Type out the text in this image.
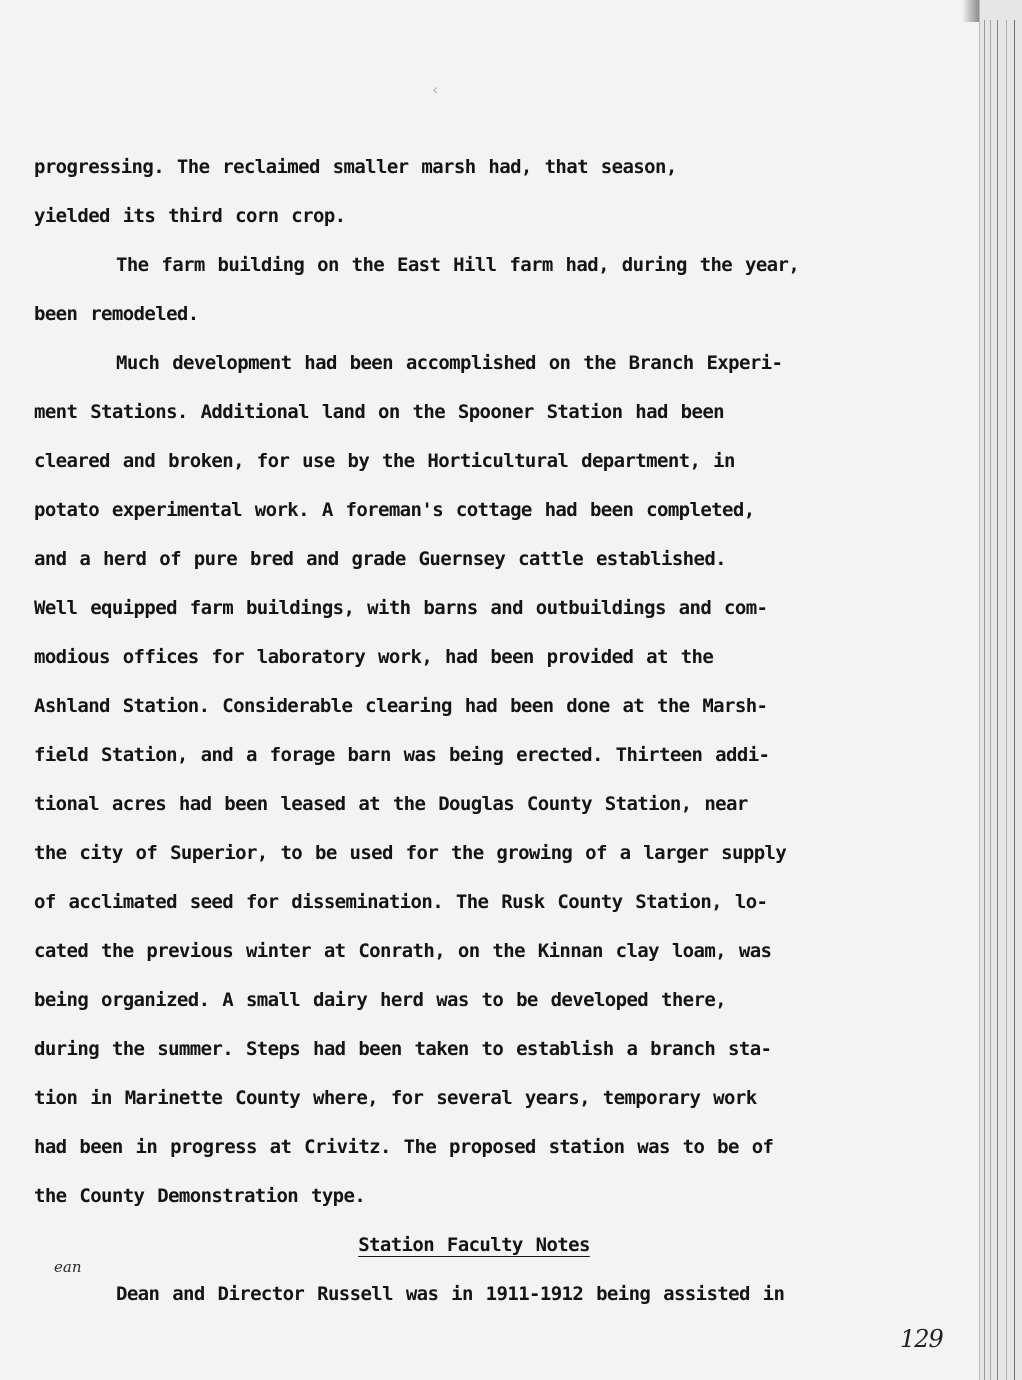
‹

progressing. The reclaimed smaller marsh had, that season,

yielded its third corn crop.

The farm building on the East Hill farm had, during the year,

been remodeled.

Much development had been accomplished on the Branch Experi-

ment Stations. Additional land on the Spooner Station had been

cleared and broken, for use by the Horticultural department, in

potato experimental work. A foreman's cottage had been completed,

and a herd of pure bred and grade Guernsey cattle established.

Well equipped farm buildings, with barns and outbuildings and com-

modious offices for laboratory work, had been provided at the

Ashland Station. Considerable clearing had been done at the Marsh-

field Station, and a forage barn was being erected. Thirteen addi-

tional acres had been leased at the Douglas County Station, near

the city of Superior, to be used for the growing of a larger supply

of acclimated seed for dissemination. The Rusk County Station, lo-

cated the previous winter at Conrath, on the Kinnan clay loam, was

being organized. A small dairy herd was to be developed there,

during the summer. Steps had been taken to establish a branch sta-

tion in Marinette County where, for several years, temporary work

had been in progress at Crivitz. The proposed station was to be of

the County Demonstration type.

Station Faculty Notes

Dean and Director Russell was in 1911-1912 being assisted in

ean
129
